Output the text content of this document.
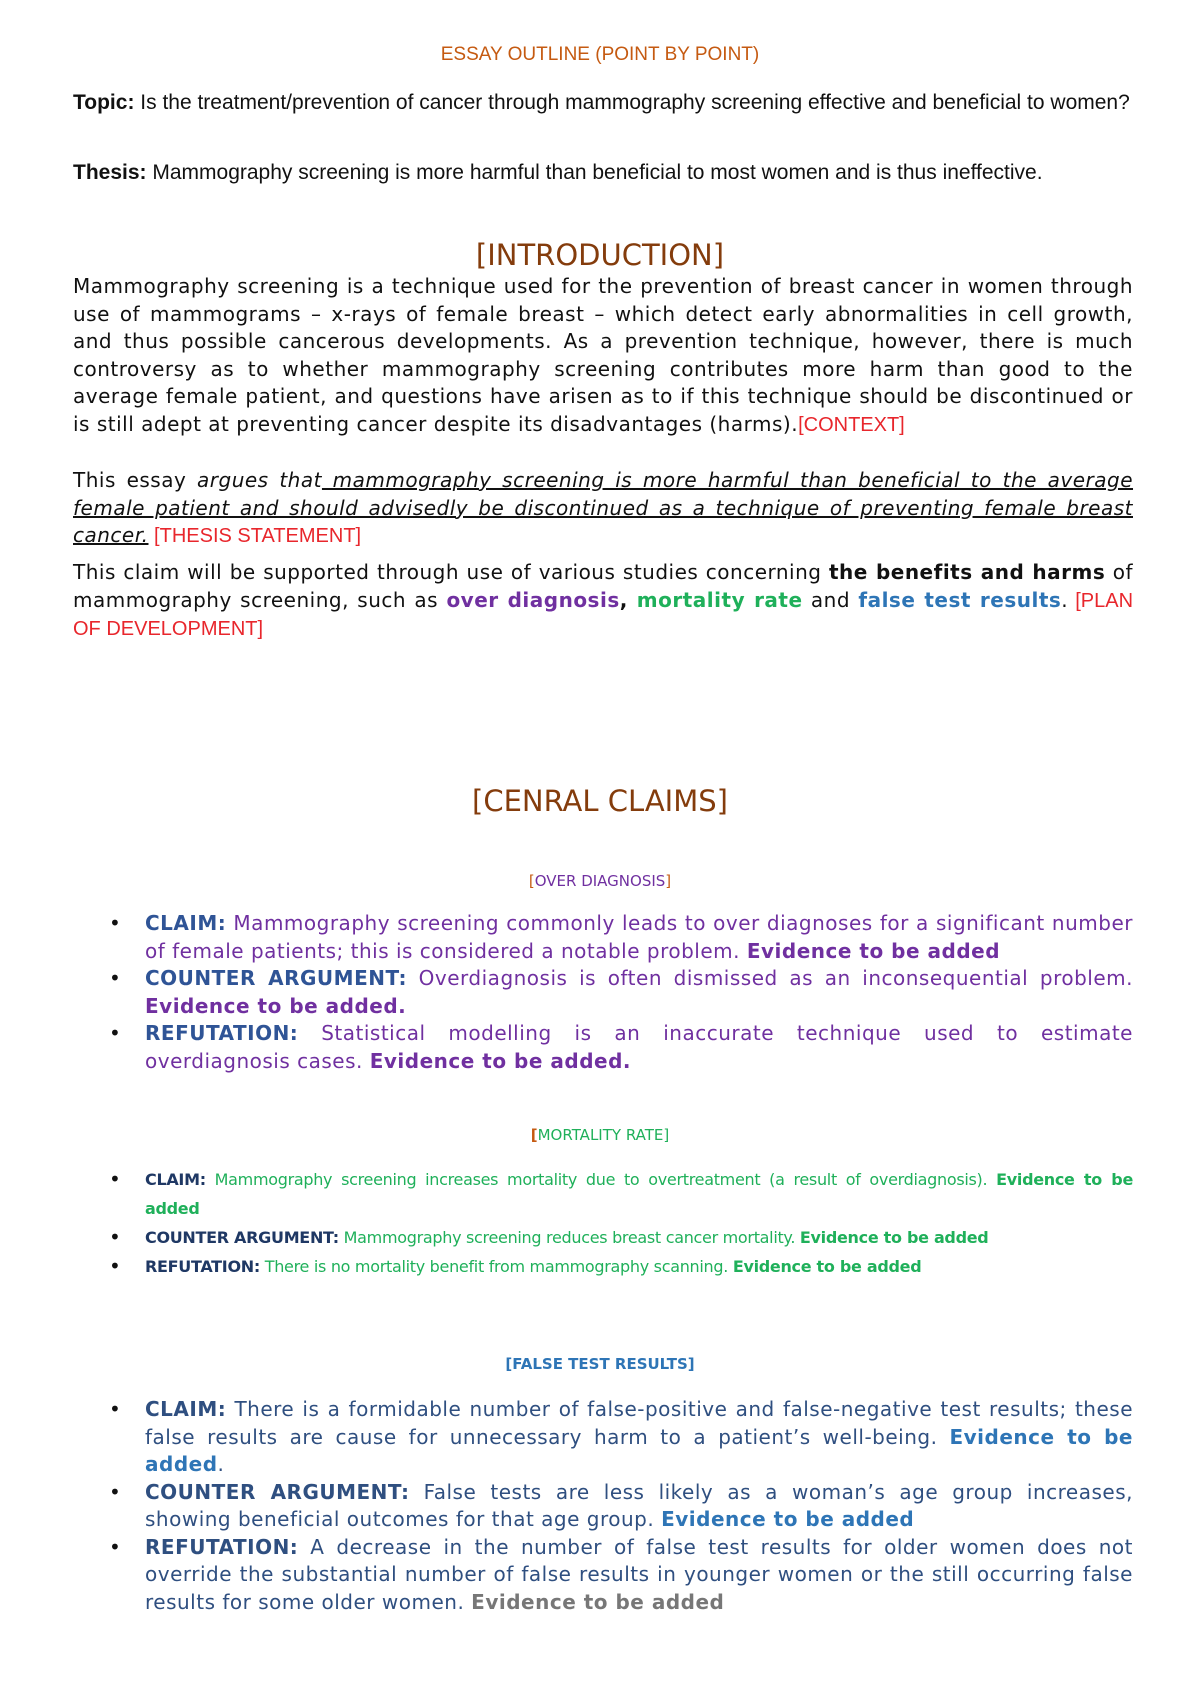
ESSAY OUTLINE (POINT BY POINT)
Topic: Is the treatment/prevention of cancer through mammography screening effective and beneficial to women?
Thesis: Mammography screening is more harmful than beneficial to most women and is thus ineffective.
[INTRODUCTION]
Mammography screening is a technique used for the prevention of breast cancer in women through use of mammograms – x-rays of female breast – which detect early abnormalities in cell growth, and thus possible cancerous developments. As a prevention technique, however, there is much controversy as to whether mammography screening contributes more harm than good to the average female patient, and questions have arisen as to if this technique should be discontinued or is still adept at preventing cancer despite its disadvantages (harms).[CONTEXT]
This essay argues that mammography screening is more harmful than beneficial to the average female patient and should advisedly be discontinued as a technique of preventing female breast cancer. [THESIS STATEMENT]
This claim will be supported through use of various studies concerning the benefits and harms of mammography screening, such as over diagnosis, mortality rate and false test results. [PLAN OF DEVELOPMENT]
[CENRAL CLAIMS]
[OVER DIAGNOSIS]
• CLAIM: Mammography screening commonly leads to over diagnoses for a significant number of female patients; this is considered a notable problem. Evidence to be added
• COUNTER ARGUMENT: Overdiagnosis is often dismissed as an inconsequential problem. Evidence to be added.
• REFUTATION: Statistical modelling is an inaccurate technique used to estimate overdiagnosis cases. Evidence to be added.
[MORTALITY RATE]
• CLAIM: Mammography screening increases mortality due to overtreatment (a result of overdiagnosis). Evidence to be added
• COUNTER ARGUMENT: Mammography screening reduces breast cancer mortality. Evidence to be added
• REFUTATION: There is no mortality benefit from mammography scanning. Evidence to be added
[FALSE TEST RESULTS]
• CLAIM: There is a formidable number of false-positive and false-negative test results; these false results are cause for unnecessary harm to a patient’s well-being. Evidence to be added.
• COUNTER ARGUMENT: False tests are less likely as a woman’s age group increases, showing beneficial outcomes for that age group. Evidence to be added
• REFUTATION: A decrease in the number of false test results for older women does not override the substantial number of false results in younger women or the still occurring false results for some older women. Evidence to be added
